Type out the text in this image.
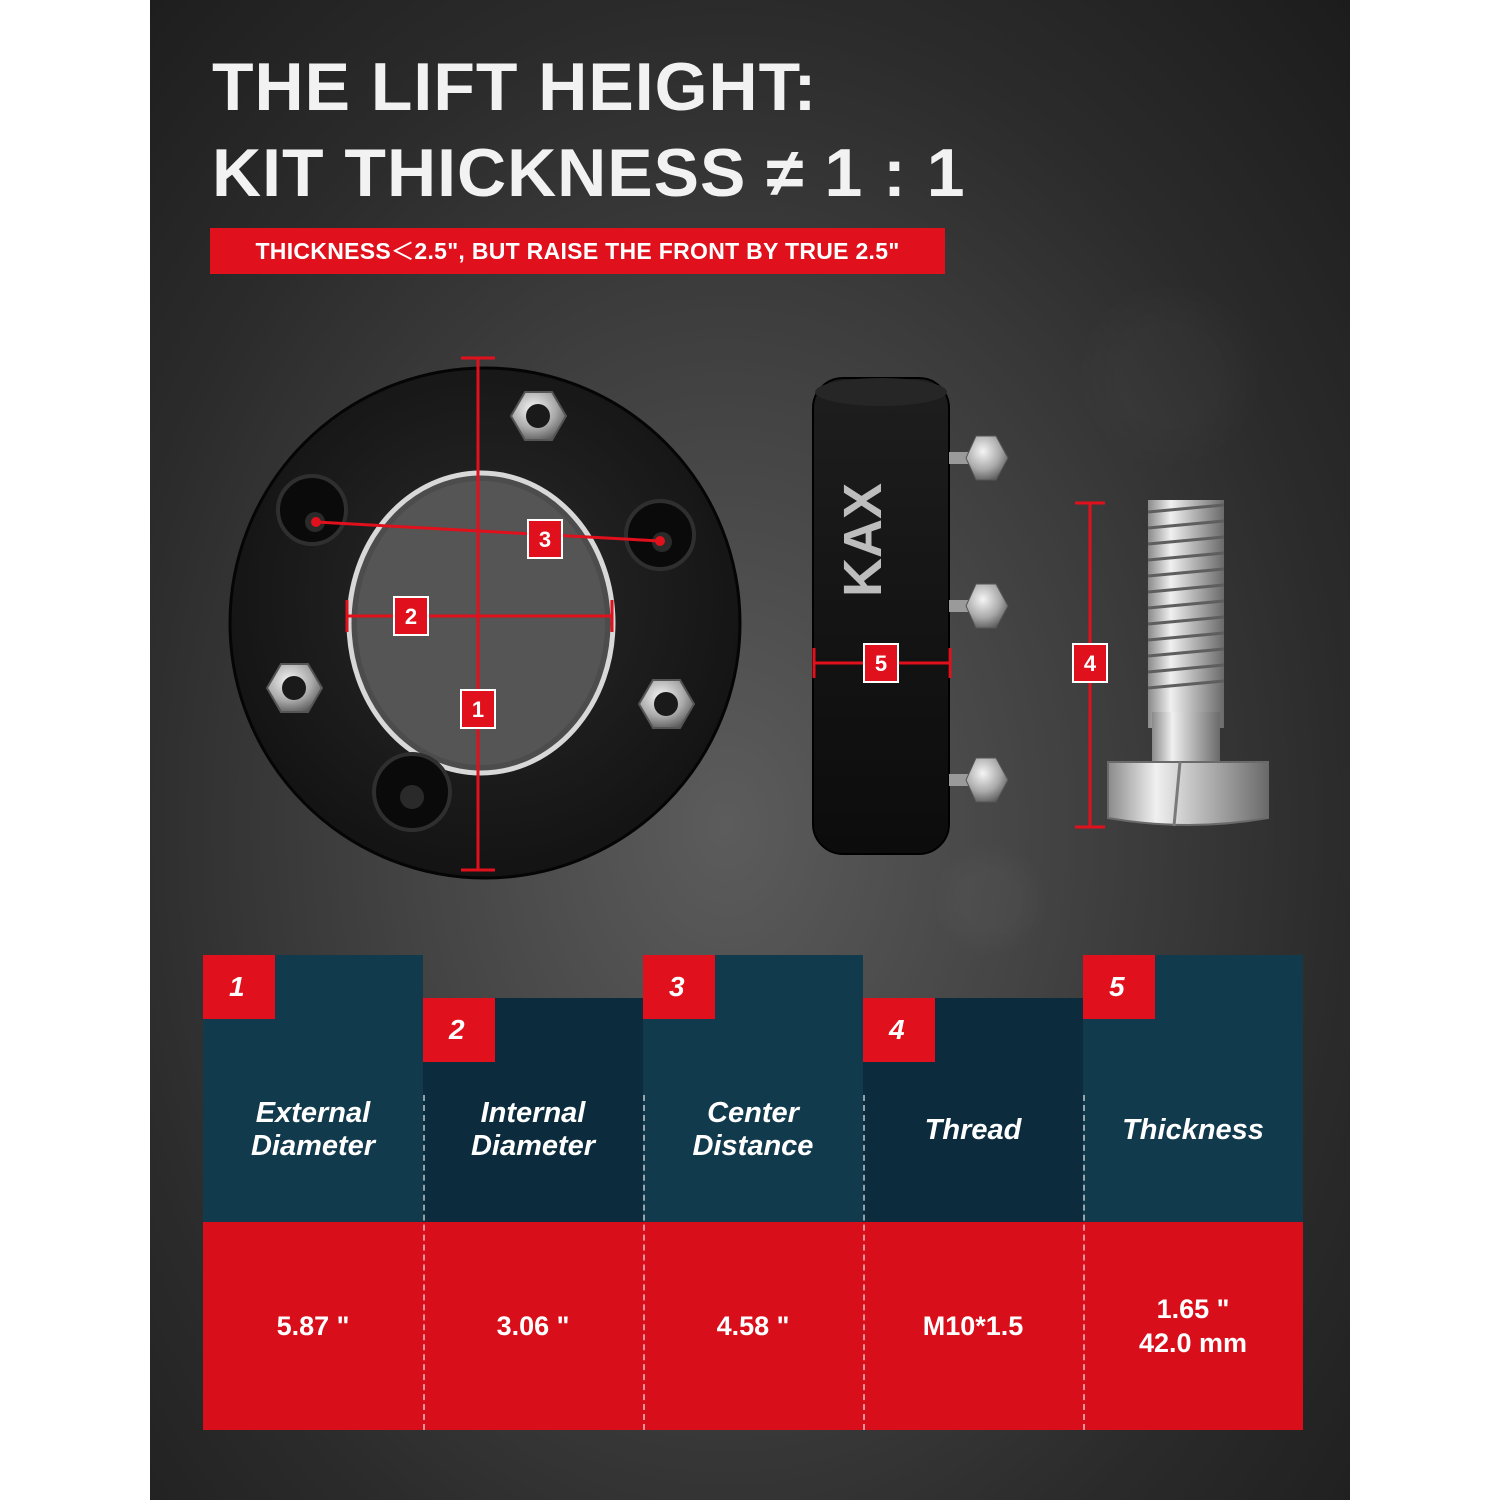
THE LIFT HEIGHT:
KIT THICKNESS ≠ 1 : 1
THICKNESS＜2.5", BUT RAISE THE FRONT BY TRUE 2.5"
KAX
1
2
3
4
5
1
External Diameter
5.87 "
2
Internal Diameter
3.06 "
3
Center Distance
4.58 "
4
Thread
M10*1.5
5
Thickness
1.65 "
42.0 mm
